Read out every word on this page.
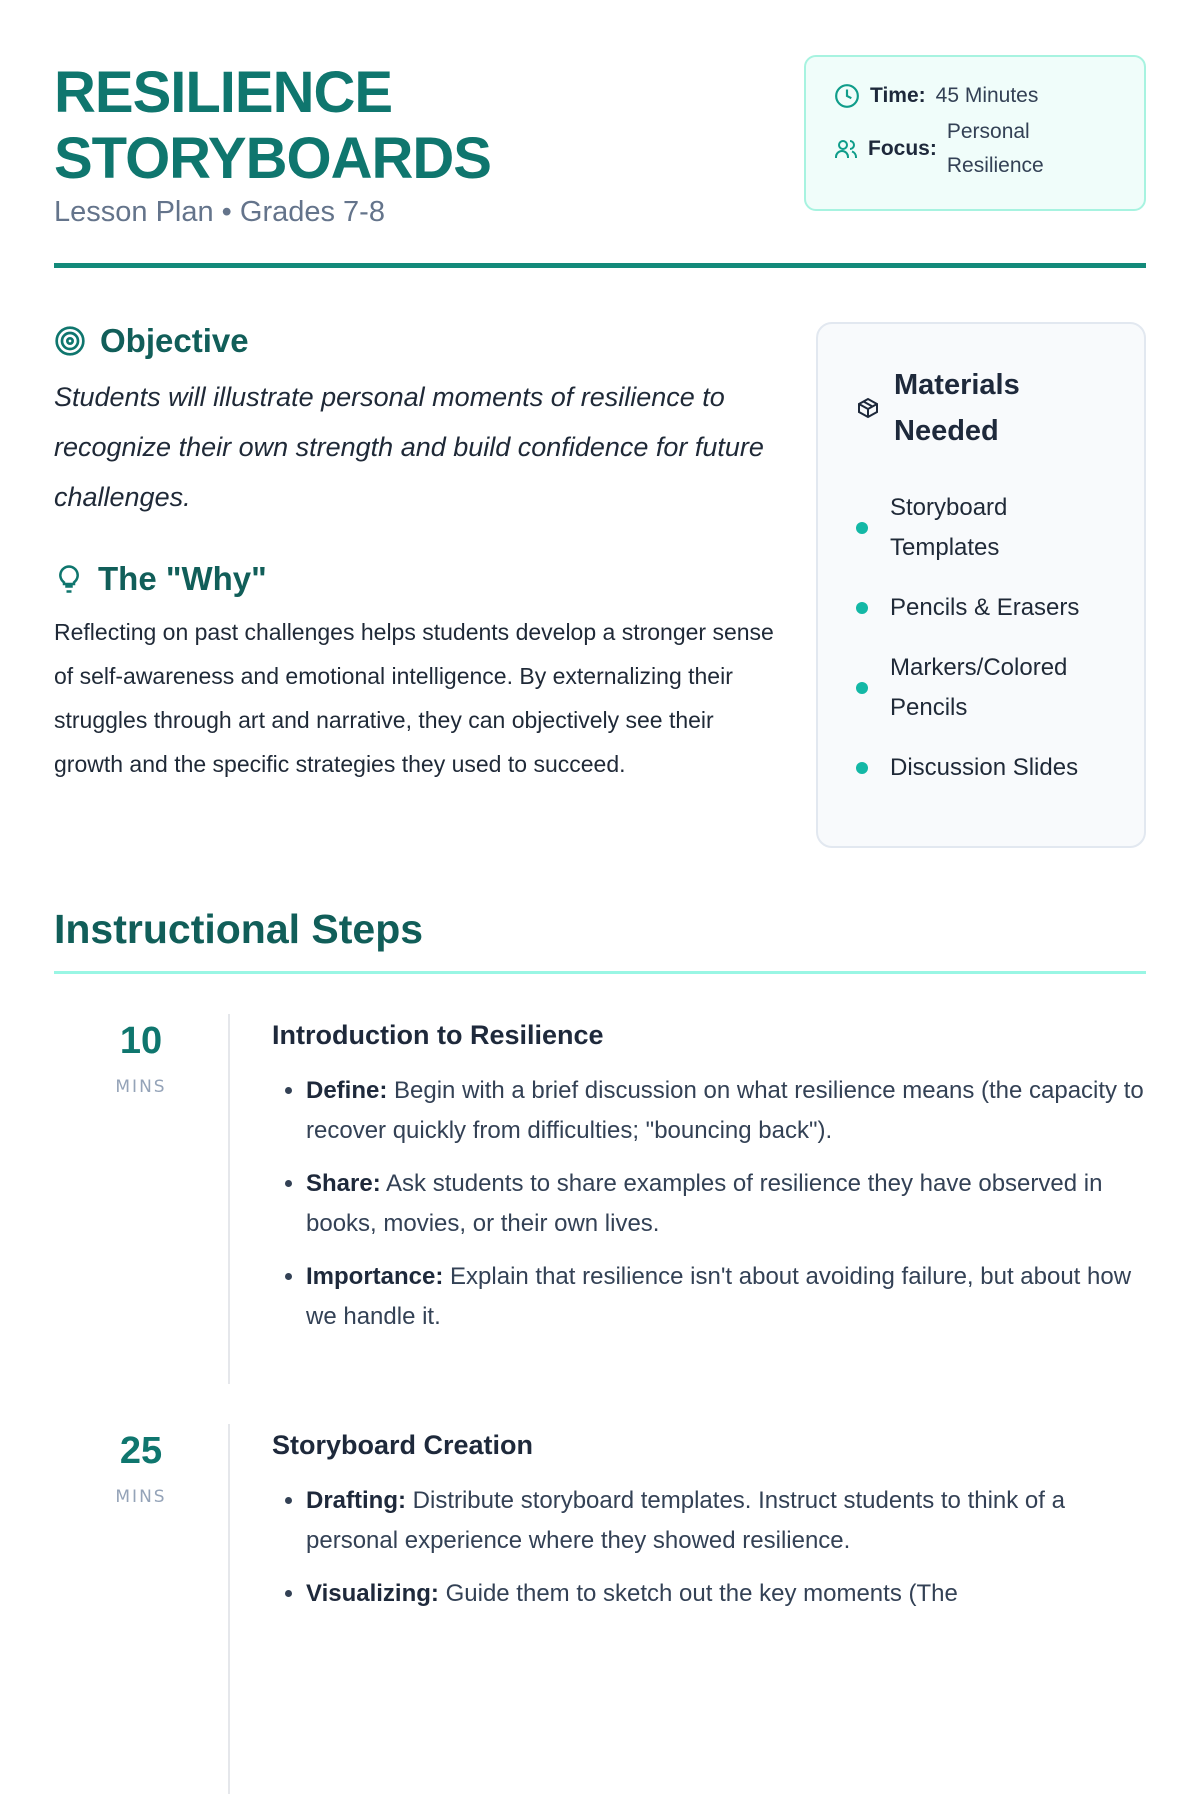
RESILIENCE
STORYBOARDS
Lesson Plan • Grades 7-8
Time: 45 Minutes
Focus:
Personal Resilience
Objective

Students will illustrate personal moments of resilience to recognize their own strength and build confidence for future challenges.

The "Why"

Reflecting on past challenges helps students develop a stronger sense of self-awareness and emotional intelligence. By externalizing their struggles through art and narrative, they can objectively see their growth and the specific strategies they used to succeed.

Materials Needed
Storyboard Templates
Pencils & Erasers
Markers/Colored Pencils
Discussion Slides
Instructional Steps
10
MINS
Introduction to Resilience
• Define: Begin with a brief discussion on what resilience means (the capacity to recover quickly from difficulties; "bouncing back").
• Share: Ask students to share examples of resilience they have observed in books, movies, or their own lives.
• Importance: Explain that resilience isn't about avoiding failure, but about how we handle it.
25
MINS
Storyboard Creation
• Drafting: Distribute storyboard templates. Instruct students to think of a personal experience where they showed resilience.
• Visualizing: Guide them to sketch out the key moments (The
